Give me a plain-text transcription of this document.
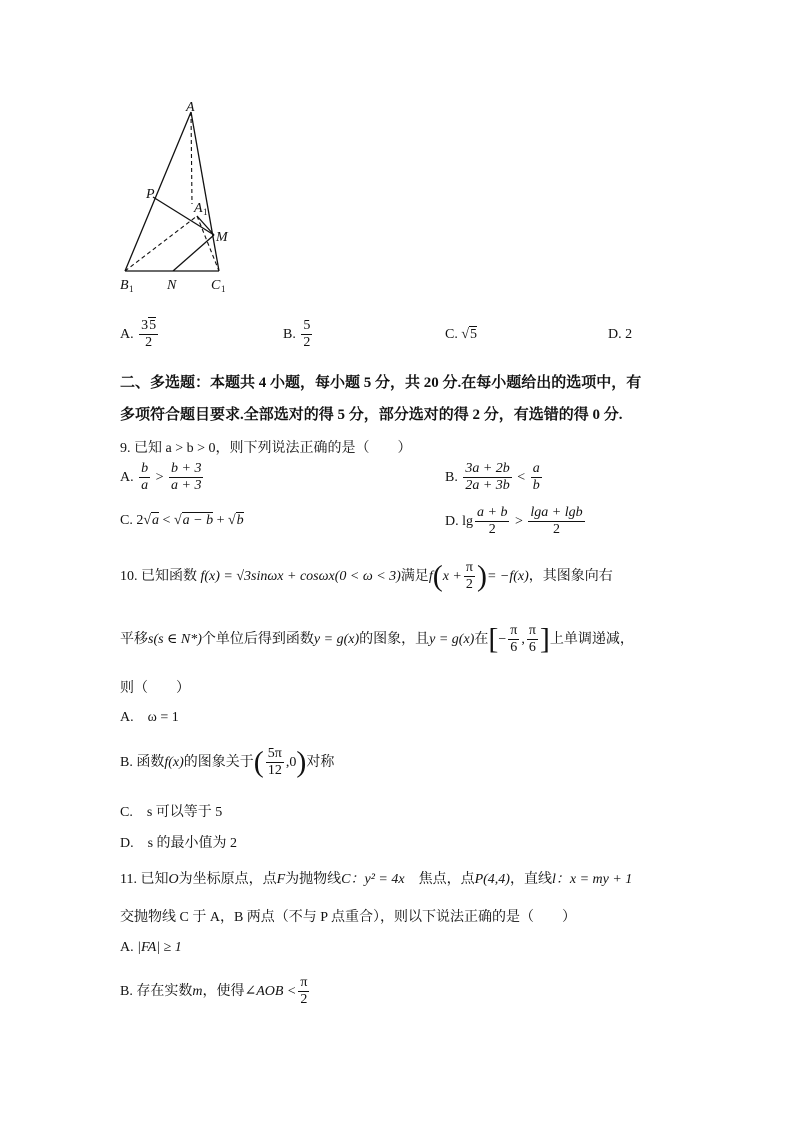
A
P
A 1
M
B 1 N C 1
A. $\frac{35}{2}$	B. $\frac{5}{2}$	C. √5	D. 2
二、多选题：本题共 4 小题，每小题 5 分，共 20 分.在每小题给出的选项中，有
多项符合题目要求.全部选对的得 5 分，部分选对的得 2 分，有选错的得 0 分.
9. 已知 a > b > 0，则下列说法正确的是（　　）
A. $\frac{b}{a} > \frac{b + 3}{a + 3}$	B. $\frac{3a + 2b}{2a + 3b} < \frac{a}{b}$
C. 2√a < √a − b + √b	D. $\lg \frac{a + b}{2} > \frac{\lg a + \lg b}{2}$
10. 已知函数 f(x) = √3sinωx + cosωx(0 < ω < 3)满足$f(x + \frac{\pi}{2}$ )= −f(x)，其图象向右
平移s(s ∈ N*)个单位后得到函数y = g(x)的图象，且y = g(x)在[− $\frac{\pi}{6}$ , $\frac{\pi}{6}$ ]上单调递减，
则（　　）
A.　ω = 1
B. 函数f(x)的图象关于( $\frac{5\pi}{12} ,0$)对称
C.　s 可以等于 5
D.　s 的最小值为 2
11. 已知O为坐标原点，点F为抛物线C：y² = 4x　 焦点，点P(4,4)，直线l：x = my + 1
交抛物线 C 于 A，B 两点（不与 P 点重合），则以下说法正确的是（　　）
A. |FA| ≥ 1
B. 存在实数m，使得∠AOB < $\frac{\pi}{2}$
